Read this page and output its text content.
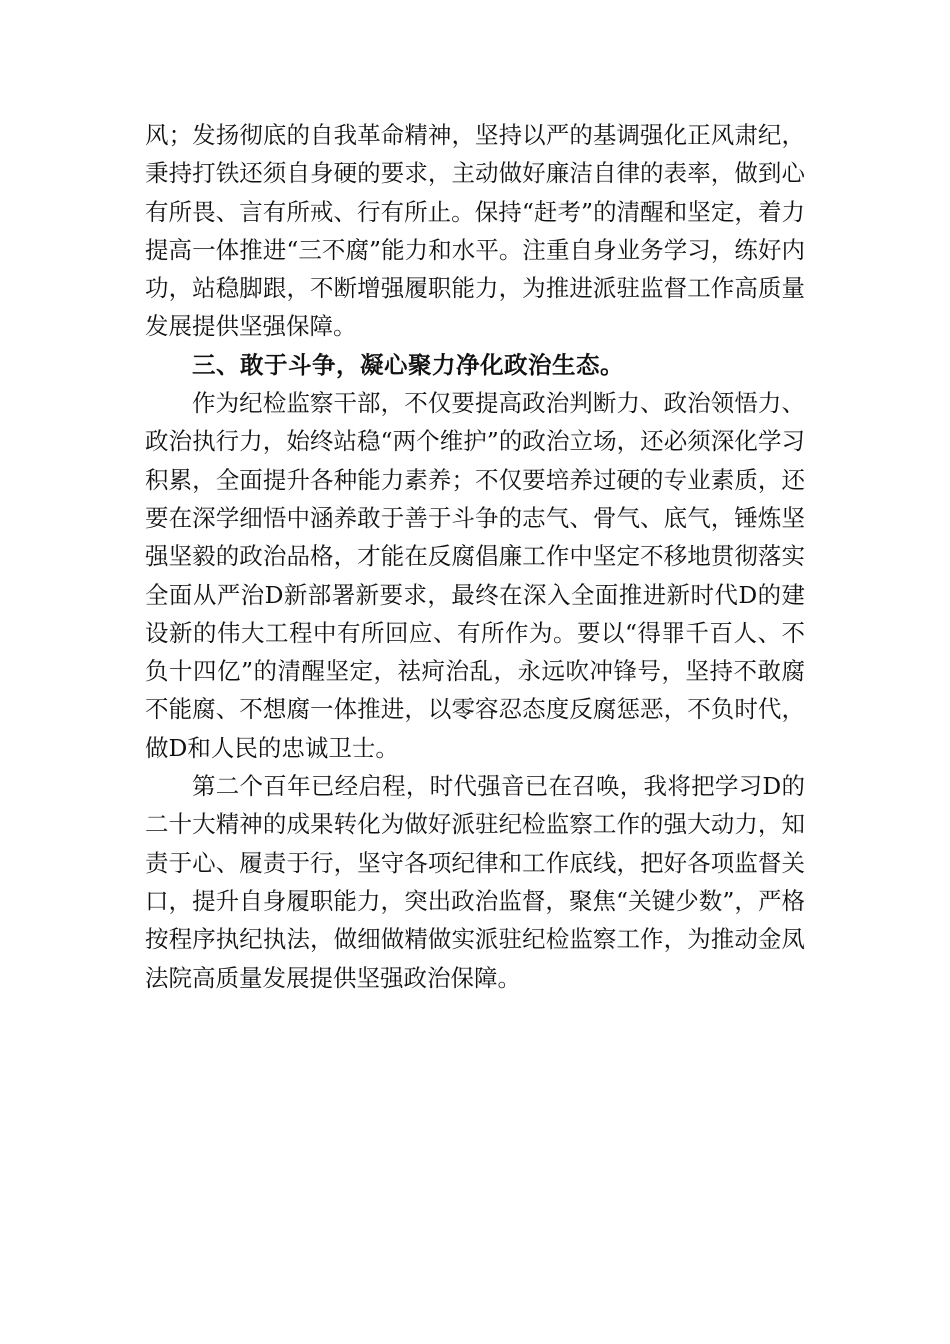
风；发扬彻底的自我革命精神，坚持以严的基调强化正风肃纪，秉持打铁还须自身硬的要求，主动做好廉洁自律的表率，做到心有所畏、言有所戒、行有所止。保持“赶考”的清醒和坚定，着力提高一体推进“三不腐”能力和水平。注重自身业务学习，练好内功，站稳脚跟，不断增强履职能力，为推进派驻监督工作高质量发展提供坚强保障。

三、敢于斗争，凝心聚力净化政治生态。

作为纪检监察干部，不仅要提高政治判断力、政治领悟力、政治执行力，始终站稳“两个维护”的政治立场，还必须深化学习积累，全面提升各种能力素养；不仅要培养过硬的专业素质，还要在深学细悟中涵养敢于善于斗争的志气、骨气、底气，锤炼坚强坚毅的政治品格，才能在反腐倡廉工作中坚定不移地贯彻落实全面从严治D新部署新要求，最终在深入全面推进新时代D的建设新的伟大工程中有所回应、有所作为。要以“得罪千百人、不负十四亿”的清醒坚定，祛疴治乱，永远吹冲锋号，坚持不敢腐不能腐、不想腐一体推进，以零容忍态度反腐惩恶，不负时代，做D和人民的忠诚卫士。

第二个百年已经启程，时代强音已在召唤，我将把学习D的二十大精神的成果转化为做好派驻纪检监察工作的强大动力，知责于心、履责于行，坚守各项纪律和工作底线，把好各项监督关口，提升自身履职能力，突出政治监督，聚焦“关键少数”，严格按程序执纪执法，做细做精做实派驻纪检监察工作，为推动金凤法院高质量发展提供坚强政治保障。
